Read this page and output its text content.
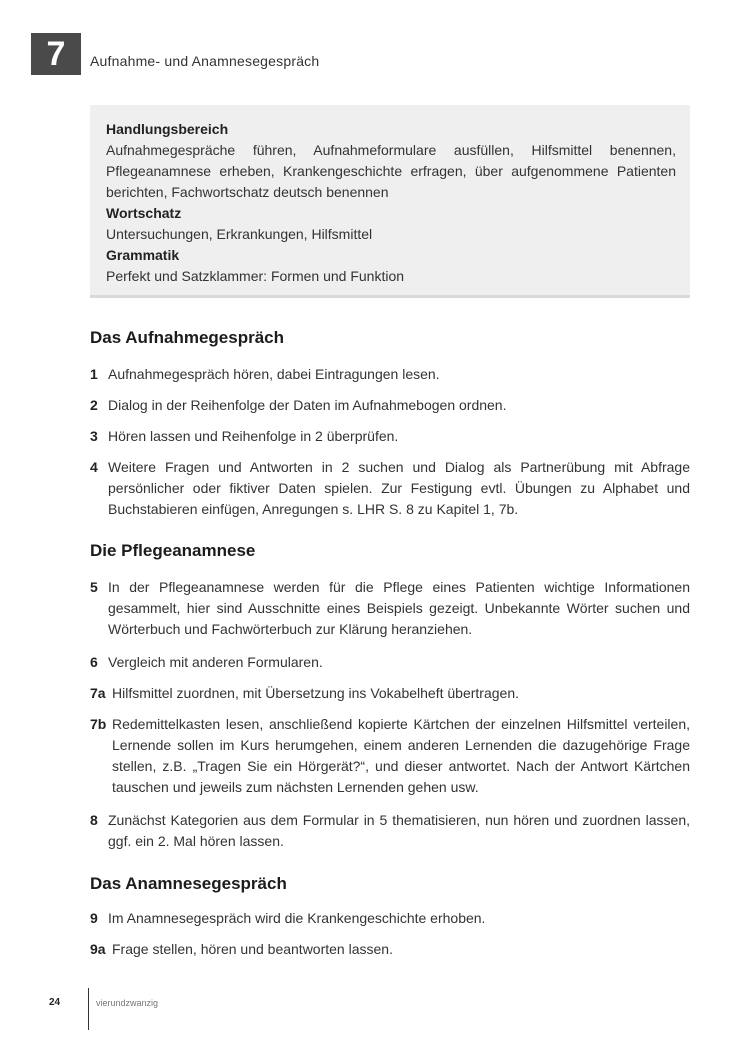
7	Aufnahme- und Anamnesegespräch
Handlungsbereich
Aufnahmegespräche führen, Aufnahmeformulare ausfüllen, Hilfsmittel benennen, Pflegeanamnese erheben, Krankengeschichte erfragen, über aufgenommene Patienten berichten, Fachwortschatz deutsch benennen
Wortschatz
Untersuchungen, Erkrankungen, Hilfsmittel
Grammatik
Perfekt und Satzklammer: Formen und Funktion
Das Aufnahmegespräch
1 Aufnahmegespräch hören, dabei Eintragungen lesen.
2 Dialog in der Reihenfolge der Daten im Aufnahmebogen ordnen.
3 Hören lassen und Reihenfolge in 2 überprüfen.
4 Weitere Fragen und Antworten in 2 suchen und Dialog als Partnerübung mit Abfrage persönlicher oder fiktiver Daten spielen. Zur Festigung evtl. Übungen zu Alphabet und Buchstabieren einfügen, Anregungen s. LHR S. 8 zu Kapitel 1, 7b.
Die Pflegeanamnese
5 In der Pflegeanamnese werden für die Pflege eines Patienten wichtige Informationen gesammelt, hier sind Ausschnitte eines Beispiels gezeigt. Unbekannte Wörter suchen und Wörterbuch und Fachwörterbuch zur Klärung heranziehen.
6 Vergleich mit anderen Formularen.
7a Hilfsmittel zuordnen, mit Übersetzung ins Vokabelheft übertragen.
7b Redemittelkasten lesen, anschließend kopierte Kärtchen der einzelnen Hilfsmittel verteilen, Lernende sollen im Kurs herumgehen, einem anderen Lernenden die dazugehörige Frage stellen, z.B. „Tragen Sie ein Hörgerät?“, und dieser antwortet. Nach der Antwort Kärtchen tauschen und jeweils zum nächsten Lernenden gehen usw.
8 Zunächst Kategorien aus dem Formular in 5 thematisieren, nun hören und zuordnen lassen, ggf. ein 2. Mal hören lassen.
Das Anamnesegespräch
9 Im Anamnesegespräch wird die Krankengeschichte erhoben.
9a Frage stellen, hören und beantworten lassen.
24	vierundzwanzig
